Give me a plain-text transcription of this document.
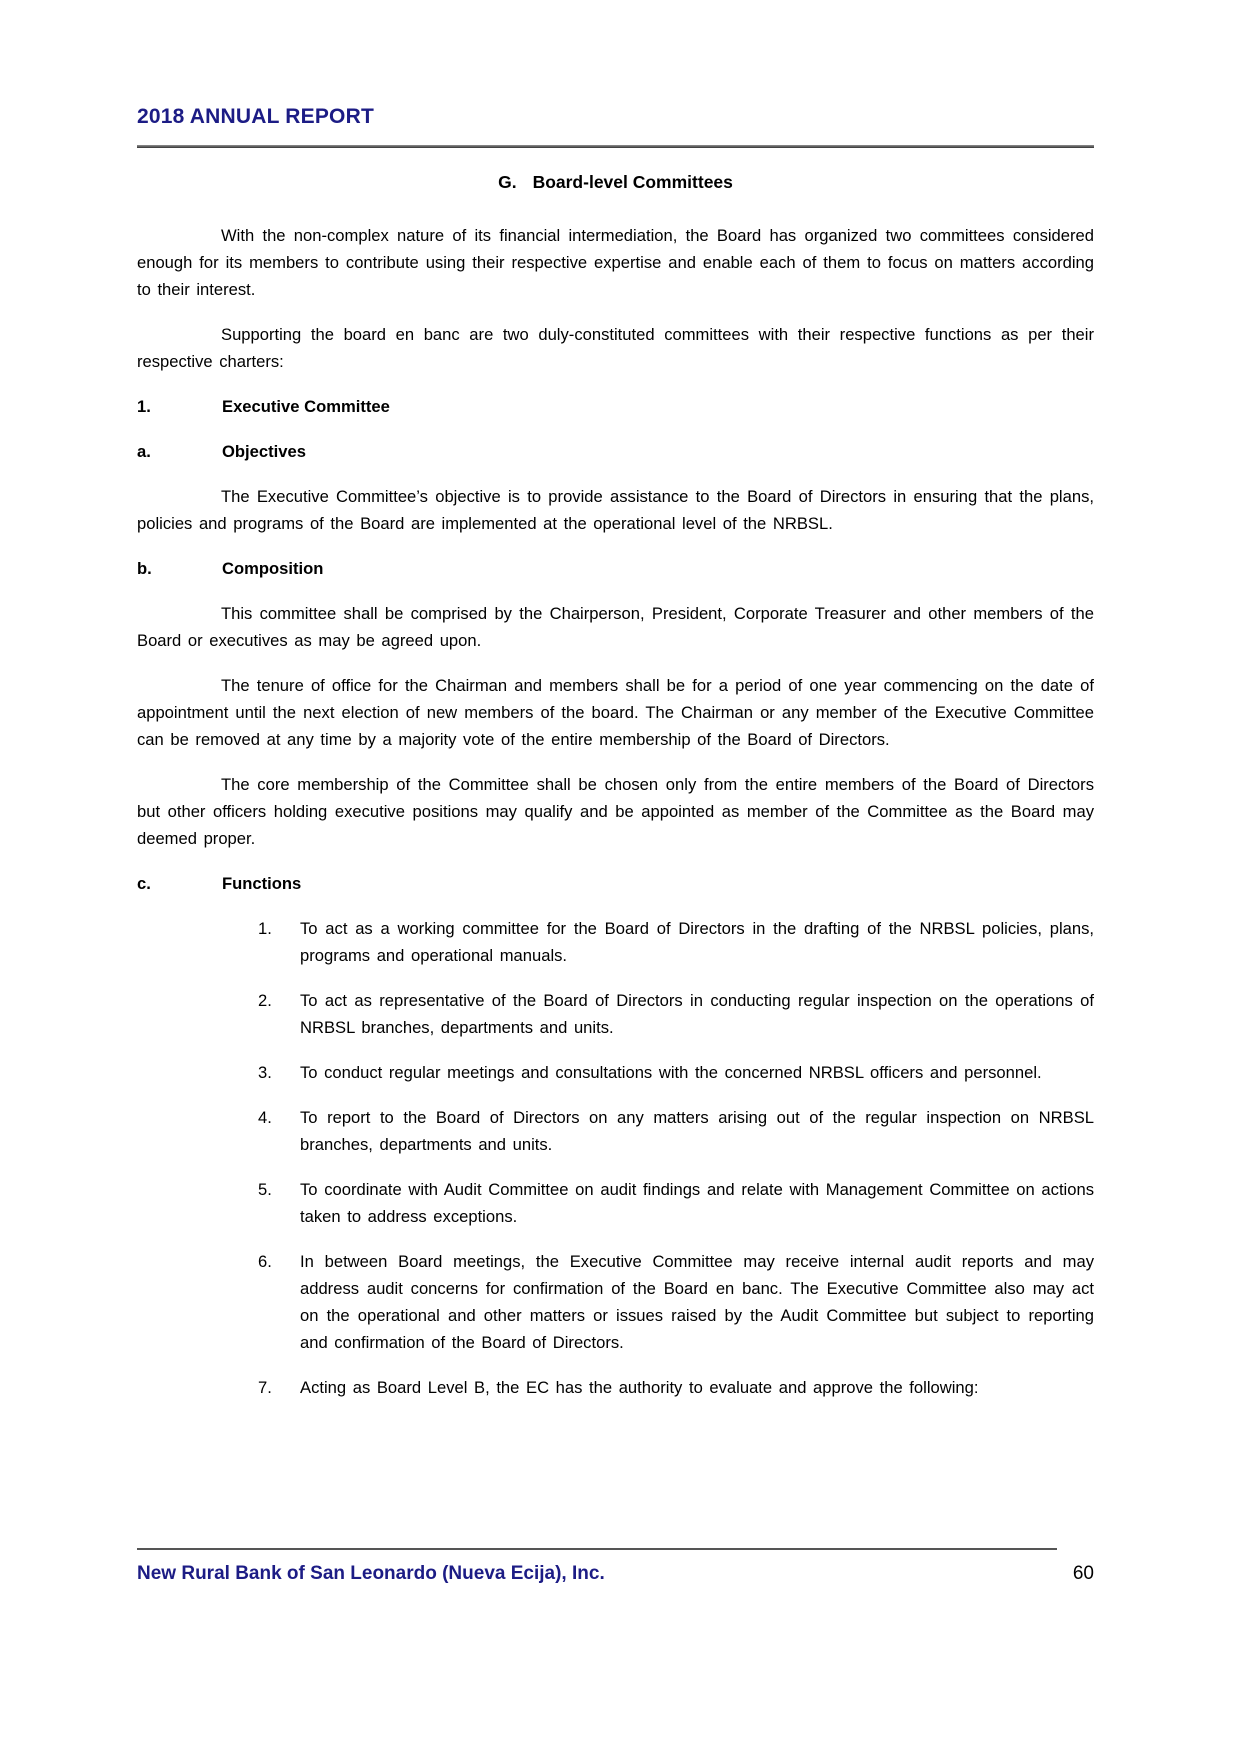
2018 ANNUAL REPORT
G. Board-level Committees

With the non-complex nature of its financial intermediation, the Board has organized two committees considered enough for its members to contribute using their respective expertise and enable each of them to focus on matters according to their interest.

Supporting the board en banc are two duly-constituted committees with their respective functions as per their respective charters:

1.	Executive Committee
a.	Objectives

The Executive Committee’s objective is to provide assistance to the Board of Directors in ensuring that the plans, policies and programs of the Board are implemented at the operational level of the NRBSL.

b.	Composition

This committee shall be comprised by the Chairperson, President, Corporate Treasurer and other members of the Board or executives as may be agreed upon.

The tenure of office for the Chairman and members shall be for a period of one year commencing on the date of appointment until the next election of new members of the board. The Chairman or any member of the Executive Committee can be removed at any time by a majority vote of the entire membership of the Board of Directors.

The core membership of the Committee shall be chosen only from the entire members of the Board of Directors but other officers holding executive positions may qualify and be appointed as member of the Committee as the Board may deemed proper.

c.	Functions
1.	To act as a working committee for the Board of Directors in the drafting of the NRBSL policies, plans, programs and operational manuals.
2.	To act as representative of the Board of Directors in conducting regular inspection on the operations of NRBSL branches, departments and units.
3.	To conduct regular meetings and consultations with the concerned NRBSL officers and personnel.
4.	To report to the Board of Directors on any matters arising out of the regular inspection on NRBSL branches, departments and units.
5.	To coordinate with Audit Committee on audit findings and relate with Management Committee on actions taken to address exceptions.
6.	In between Board meetings, the Executive Committee may receive internal audit reports and may address audit concerns for confirmation of the Board en banc. The Executive Committee also may act on the operational and other matters or issues raised by the Audit Committee but subject to reporting and confirmation of the Board of Directors.
7.	Acting as Board Level B, the EC has the authority to evaluate and approve the following:
New Rural Bank of San Leonardo (Nueva Ecija), Inc.	60
